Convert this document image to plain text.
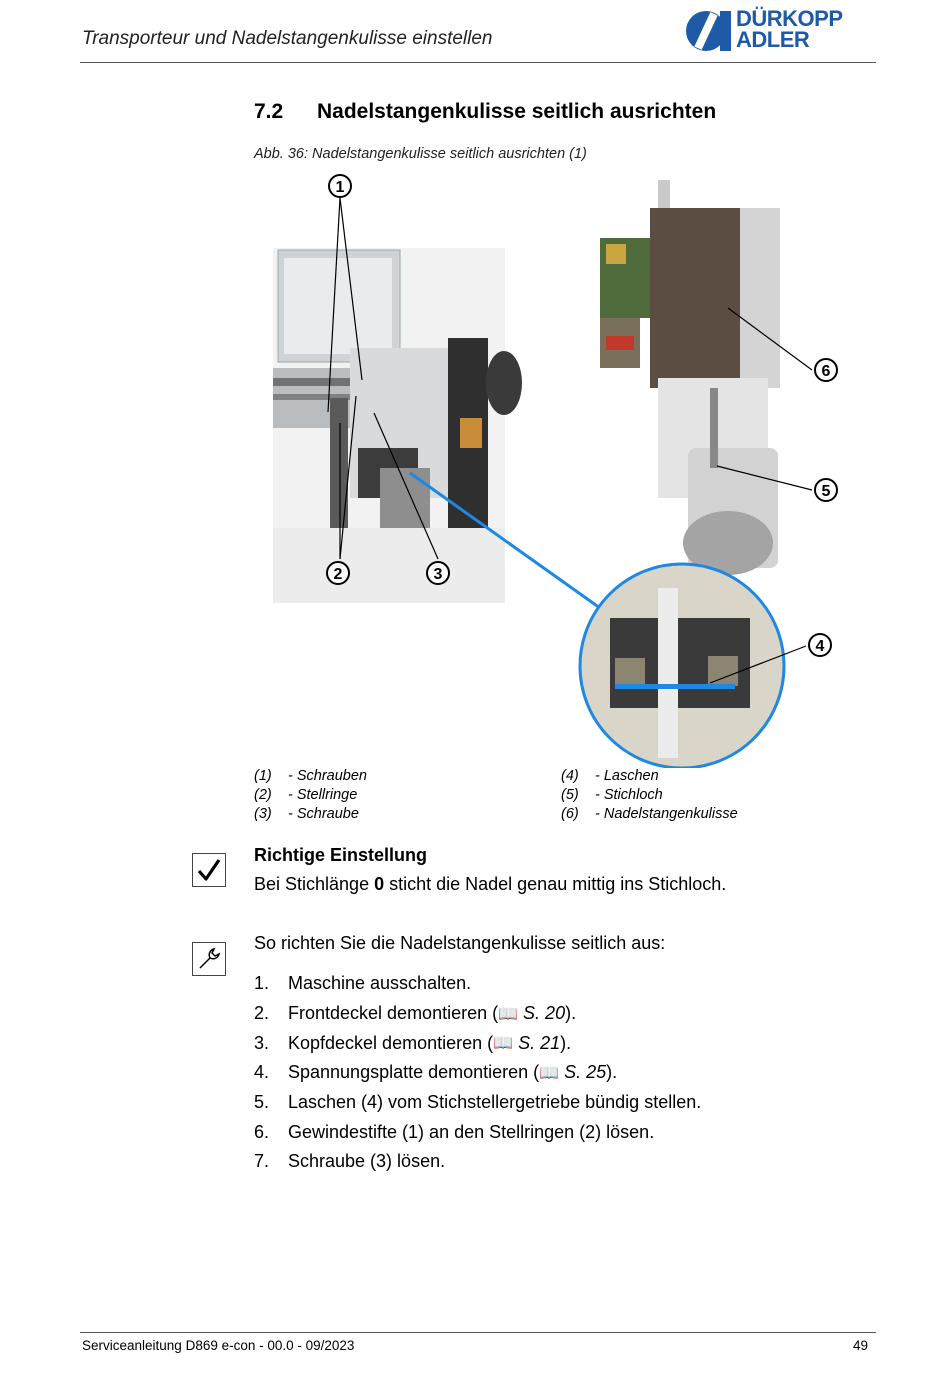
Transporteur und Nadelstangenkulisse einstellen
DÜRKOPP
ADLER
7.2 Nadelstangenkulisse seitlich ausrichten
Abb. 36: Nadelstangenkulisse seitlich ausrichten (1)
1
2	3
4
5
6
(1)	- Schrauben
(2)	- Stellringe
(3)	- Schraube
(4)	- Laschen
(5)	- Stichloch
(6)	- Nadelstangenkulisse
Richtige Einstellung
Bei Stichlänge 0 sticht die Nadel genau mittig ins Stichloch.
So richten Sie die Nadelstangenkulisse seitlich aus:
1.	Maschine ausschalten.
2.	Frontdeckel demontieren ( 📖
S. 20 ).
3.	Kopfdeckel demontieren ( 📖
S. 21 ).
4.	Spannungsplatte demontieren ( 📖
S. 25 ).
5.	Laschen (4) vom Stichstellergetriebe bündig stellen.
6.	Gewindestifte (1) an den Stellringen (2) lösen.
7.	Schraube (3) lösen.
Serviceanleitung D869 e-con - 00.0 - 09/2023	49
